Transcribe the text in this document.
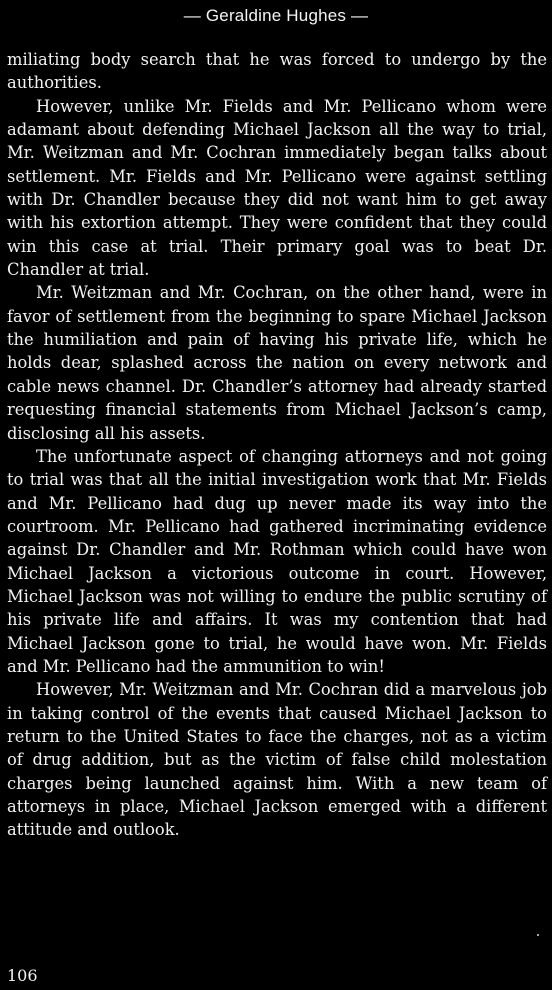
— Geraldine Hughes —

miliating body search that he was forced to undergo by the authorities.

However, unlike Mr. Fields and Mr. Pellicano whom were adamant about defending Michael Jackson all the way to trial, Mr. Weitzman and Mr. Cochran immediately began talks about settlement. Mr. Fields and Mr. Pellicano were against settling with Dr. Chandler because they did not want him to get away with his extortion attempt. They were confident that they could win this case at trial. Their primary goal was to beat Dr. Chandler at trial.

Mr. Weitzman and Mr. Cochran, on the other hand, were in favor of settlement from the beginning to spare Michael Jackson the humiliation and pain of having his private life, which he holds dear, splashed across the nation on every network and cable news channel. Dr. Chandler’s attorney had already started requesting financial statements from Michael Jackson’s camp, disclosing all his assets.

The unfortunate aspect of changing attorneys and not going to trial was that all the initial investigation work that Mr. Fields and Mr. Pellicano had dug up never made its way into the courtroom. Mr. Pellicano had gathered incriminating evidence against Dr. Chandler and Mr. Rothman which could have won Michael Jackson a victorious outcome in court. However, Michael Jackson was not willing to endure the public scrutiny of his private life and affairs. It was my contention that had Michael Jackson gone to trial, he would have won. Mr. Fields and Mr. Pellicano had the ammunition to win!

However, Mr. Weitzman and Mr. Cochran did a marvelous job in taking control of the events that caused Michael Jackson to return to the United States to face the charges, not as a victim of drug addition, but as the victim of false child molestation charges being launched against him. With a new team of attorneys in place, Michael Jackson emerged with a different attitude and outlook.

106
